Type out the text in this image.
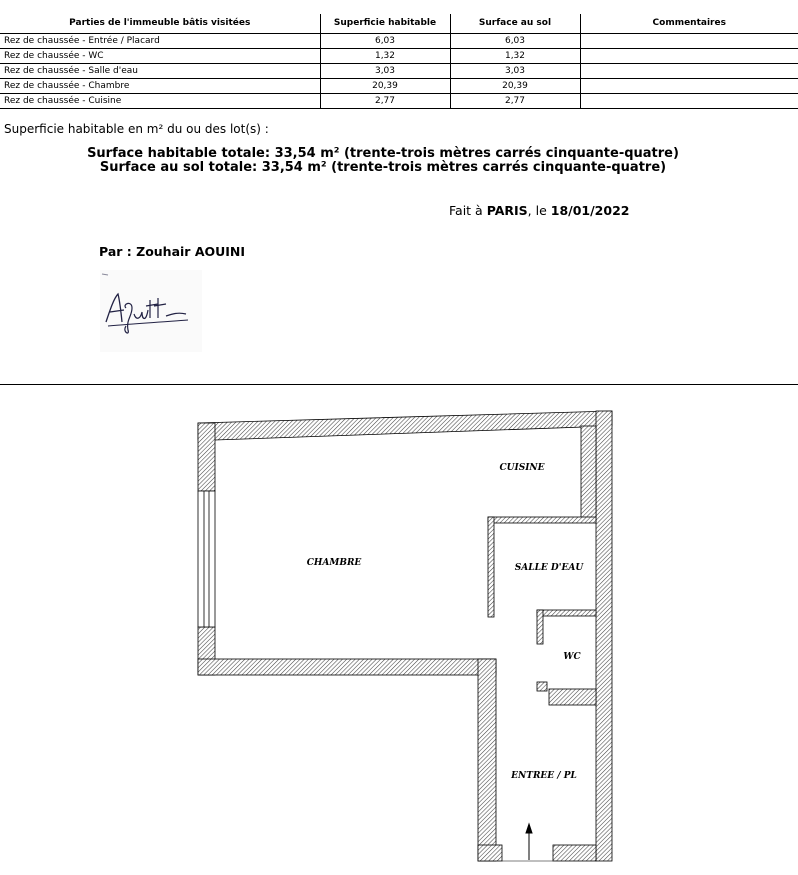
Parties de l'immeuble bâtis visitées	Superficie habitable	Surface au sol	Commentaires
Rez de chaussée - Entrée / Placard	6,03	6,03	
Rez de chaussée - WC	1,32	1,32	
Rez de chaussée - Salle d'eau	3,03	3,03	
Rez de chaussée - Chambre	20,39	20,39	
Rez de chaussée - Cuisine	2,77	2,77	
Superficie habitable en m² du ou des lot(s) :
Surface habitable totale: 33,54 m² (trente-trois mètres carrés cinquante-quatre)
Surface au sol totale: 33,54 m² (trente-trois mètres carrés cinquante-quatre)
Fait à PARIS, le 18/01/2022
Par : Zouhair AOUINI
CUISINE
CHAMBRE	SALLE D'EAU
WC
ENTREE / PL
